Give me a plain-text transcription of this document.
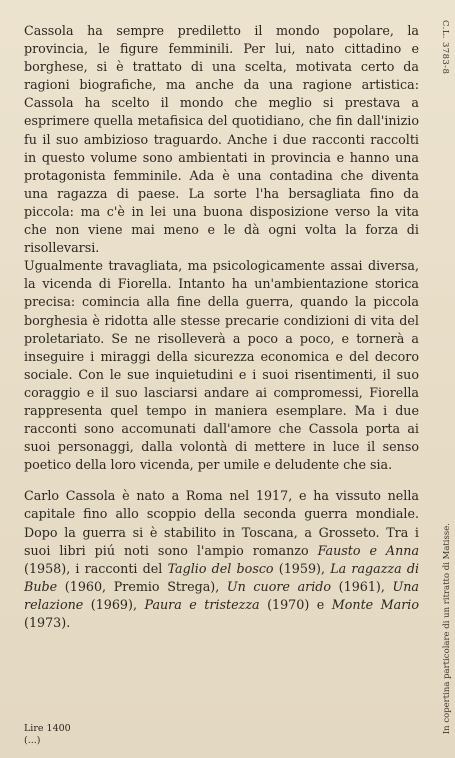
Cassola ha sempre prediletto il mondo popolare, la provincia, le figure femminili. Per lui, nato cittadino e borghese, si è trattato di una scelta, motivata certo da ragioni biografiche, ma anche da una ragione artistica: Cassola ha scelto il mondo che meglio si prestava a esprimere quella metafisica del quotidiano, che fin dall'inizio fu il suo ambizioso traguardo. Anche i due racconti raccolti in questo volume sono ambientati in provincia e hanno una protagonista femminile. Ada è una contadina che diventa una ragazza di paese. La sorte l'ha bersagliata fino da piccola: ma c'è in lei una buona disposizione verso la vita che non viene mai meno e le dà ogni volta la forza di risollevarsi.

Ugualmente travagliata, ma psicologicamente assai diversa, la vicenda di Fiorella. Intanto ha un'ambientazione storica precisa: comincia alla fine della guerra, quando la piccola borghesia è ridotta alle stesse precarie condizioni di vita del proletariato. Se ne risolleverà a poco a poco, e tornerà a inseguire i miraggi della sicurezza economica e del decoro sociale. Con le sue inquietudini e i suoi risentimenti, il suo coraggio e il suo lasciarsi andare ai compromessi, Fiorella rappresenta quel tempo in maniera esemplare. Ma i due racconti sono accomunati dall'amore che Cassola porta ai suoi personaggi, dalla volontà di mettere in luce il senso poetico della loro vicenda, per umile e deludente che sia.

Carlo Cassola è nato a Roma nel 1917, e ha vissuto nella capitale fino allo scoppio della seconda guerra mondiale. Dopo la guerra si è stabilito in Toscana, a Grosseto. Tra i suoi libri piú noti sono l'ampio romanzo Fausto e Anna (1958), i racconti del Taglio del bosco (1959), La ragazza di Bube (1960, Premio Strega), Un cuore arido (1961), Una relazione (1969), Paura e tristezza (1970) e Monte Mario (1973).

Lire 1400
(...)
C.L. 3783-8
In copertina particolare di un ritratto di Matisse.
